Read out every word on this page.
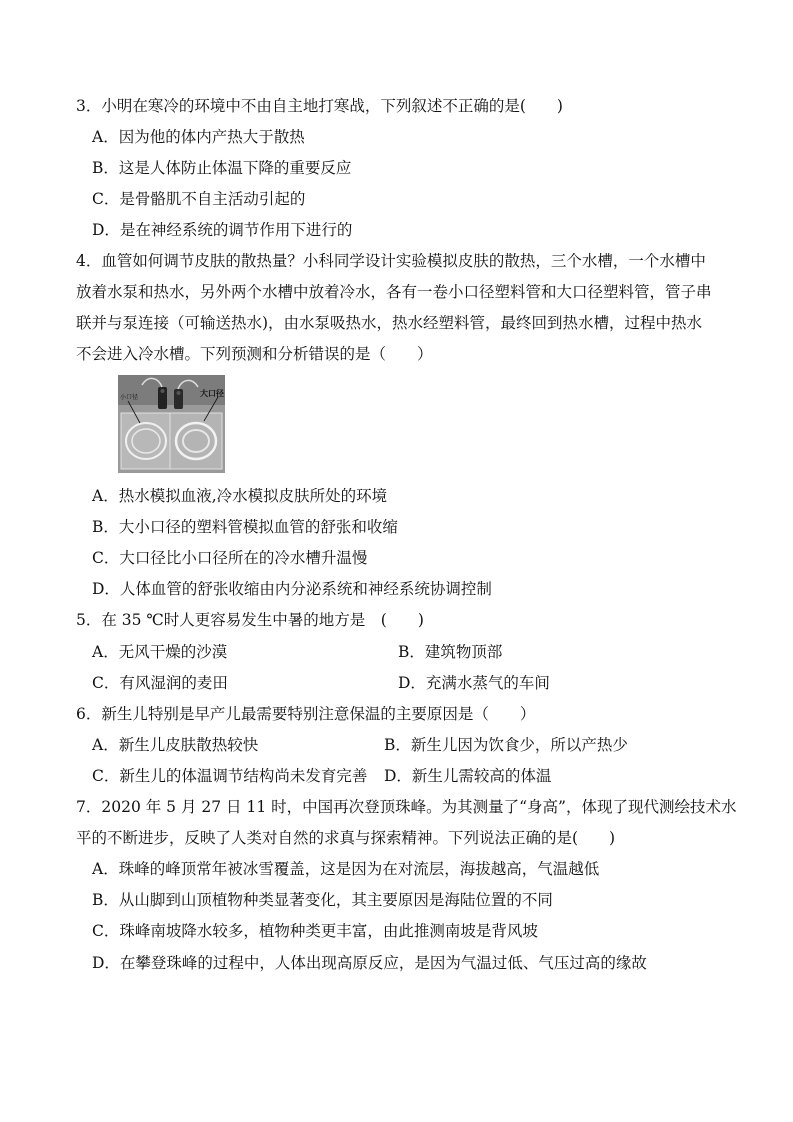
3．小明在寒冷的环境中不由自主地打寒战，下列叙述不正确的是(　　)
A．因为他的体内产热大于散热
B．这是人体防止体温下降的重要反应
C．是骨骼肌不自主活动引起的
D．是在神经系统的调节作用下进行的
4．血管如何调节皮肤的散热量？小科同学设计实验模拟皮肤的散热，三个水槽，一个水槽中
放着水泵和热水，另外两个水槽中放着冷水，各有一卷小口径塑料管和大口径塑料管，管子串
联并与泵连接（可输送热水)，由水泵吸热水，热水经塑料管，最终回到热水槽，过程中热水
不会进入冷水槽。下列预测和分析错误的是（　　）
小口径	大口径
A．热水模拟血液,冷水模拟皮肤所处的环境
B．大小口径的塑料管模拟血管的舒张和收缩
C．大口径比小口径所在的冷水槽升温慢
D．人体血管的舒张收缩由内分泌系统和神经系统协调控制
5．在 35 ℃时人更容易发生中暑的地方是　(　　)
A．无风干燥的沙漠	B．建筑物顶部
C．有风湿润的麦田	D．充满水蒸气的车间
6．新生儿特别是早产儿最需要特别注意保温的主要原因是（　　）
A．新生儿皮肤散热较快	B．新生儿因为饮食少，所以产热少
C．新生儿的体温调节结构尚未发育完善 D．新生儿需较高的体温
7．2020 年 5 月 27 日 11 时，中国再次登顶珠峰。为其测量了“身高”，体现了现代测绘技术水
平的不断进步，反映了人类对自然的求真与探索精神。下列说法正确的是(　　)
A．珠峰的峰顶常年被冰雪覆盖，这是因为在对流层，海拔越高，气温越低
B．从山脚到山顶植物种类显著变化，其主要原因是海陆位置的不同
C．珠峰南坡降水较多，植物种类更丰富，由此推测南坡是背风坡
D．在攀登珠峰的过程中，人体出现高原反应，是因为气温过低、气压过高的缘故
